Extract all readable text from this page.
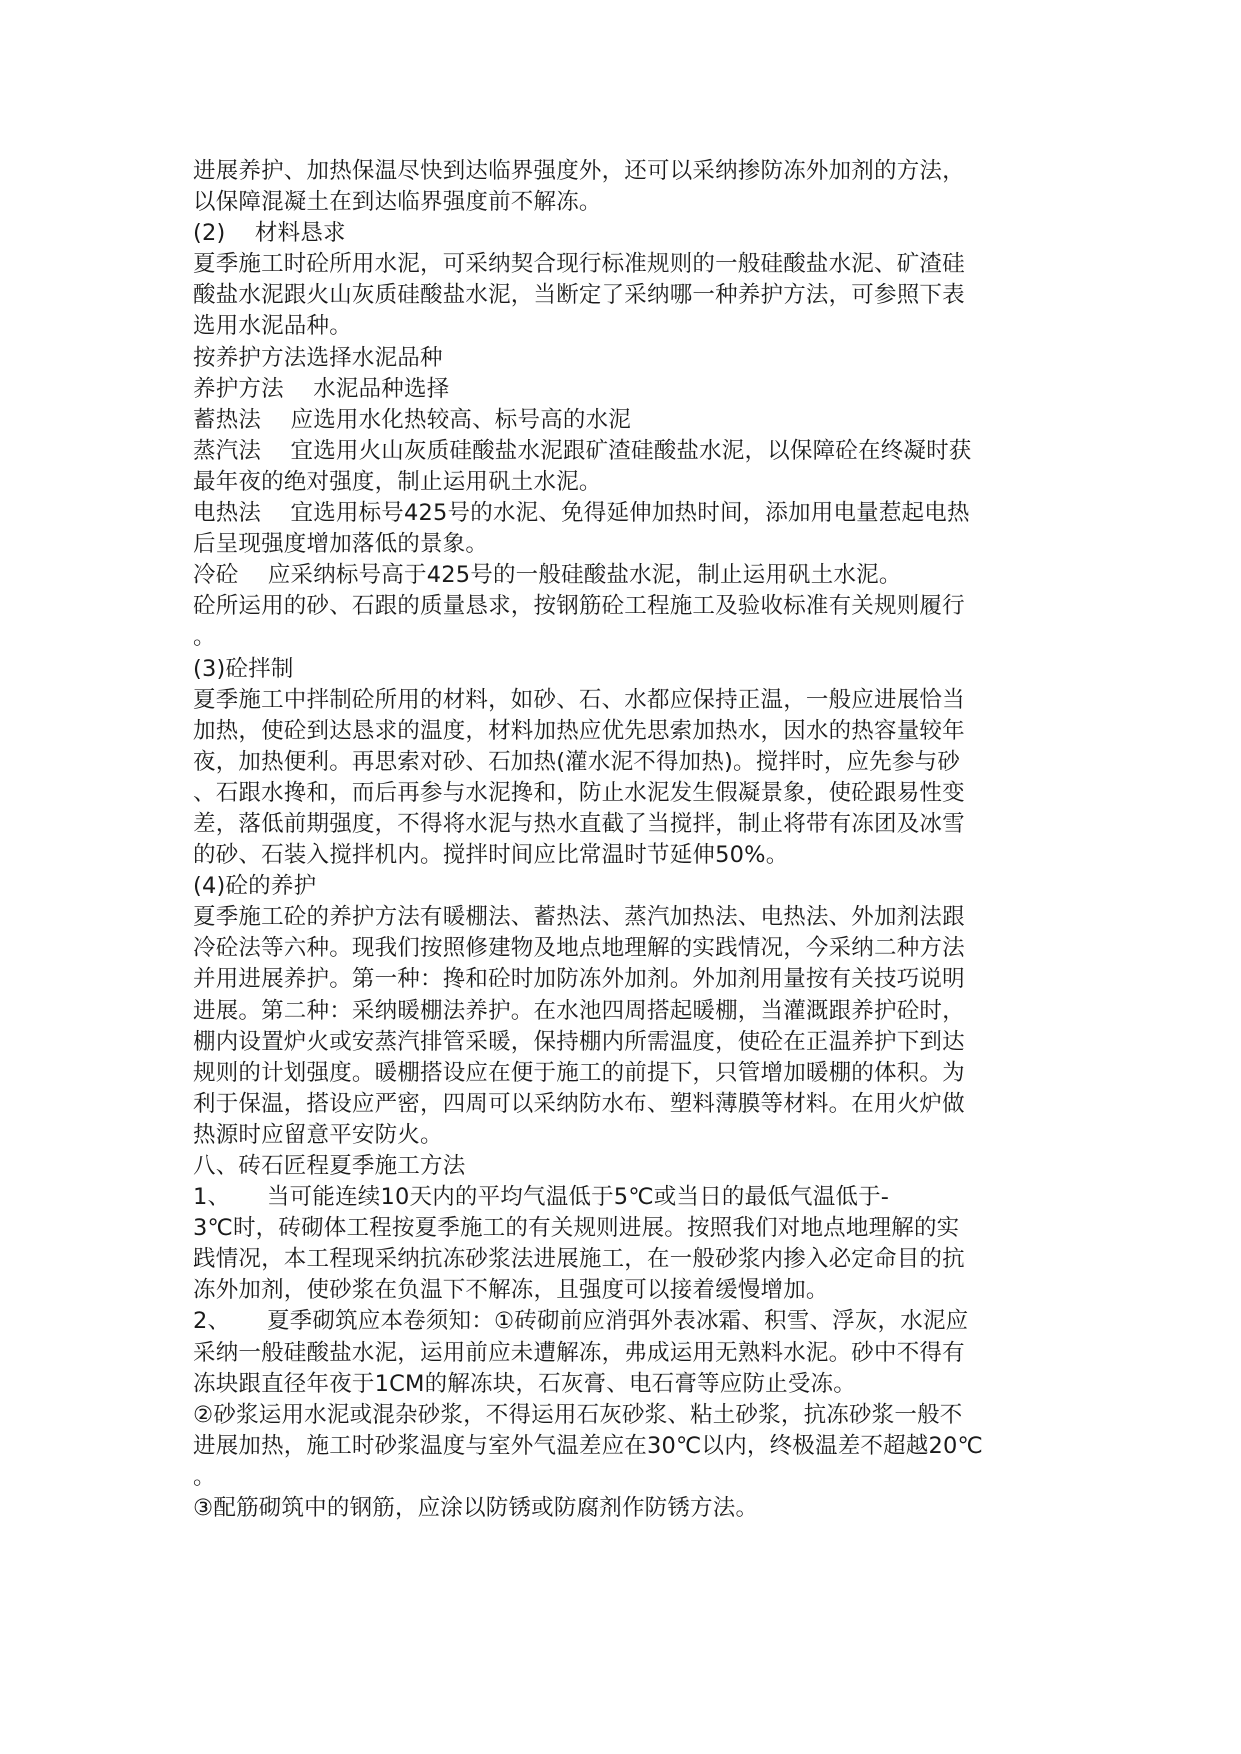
进展养护、加热保温尽快到达临界强度外，还可以采纳掺防冻外加剂的方法，
以保障混凝土在到达临界强度前不解冻。
(2)    材料恳求
夏季施工时砼所用水泥，可采纳契合现行标准规则的一般硅酸盐水泥、矿渣硅
酸盐水泥跟火山灰质硅酸盐水泥，当断定了采纳哪一种养护方法，可参照下表
选用水泥品种。
按养护方法选择水泥品种
养护方法    水泥品种选择
蓄热法    应选用水化热较高、标号高的水泥
蒸汽法    宜选用火山灰质硅酸盐水泥跟矿渣硅酸盐水泥，以保障砼在终凝时获
最年夜的绝对强度，制止运用矾土水泥。
电热法    宜选用标号425号的水泥、免得延伸加热时间，添加用电量惹起电热
后呈现强度增加落低的景象。
冷砼    应采纳标号高于425号的一般硅酸盐水泥，制止运用矾土水泥。
砼所运用的砂、石跟的质量恳求，按钢筋砼工程施工及验收标准有关规则履行
。
(3)砼拌制
夏季施工中拌制砼所用的材料，如砂、石、水都应保持正温，一般应进展恰当
加热，使砼到达恳求的温度，材料加热应优先思索加热水，因水的热容量较年
夜，加热便利。再思索对砂、石加热(灌水泥不得加热)。搅拌时，应先参与砂
、石跟水搀和，而后再参与水泥搀和，防止水泥发生假凝景象，使砼跟易性变
差，落低前期强度，不得将水泥与热水直截了当搅拌，制止将带有冻团及冰雪
的砂、石装入搅拌机内。搅拌时间应比常温时节延伸50%。
(4)砼的养护
夏季施工砼的养护方法有暖棚法、蓄热法、蒸汽加热法、电热法、外加剂法跟
冷砼法等六种。现我们按照修建物及地点地理解的实践情况，今采纳二种方法
并用进展养护。第一种：搀和砼时加防冻外加剂。外加剂用量按有关技巧说明
进展。第二种：采纳暖棚法养护。在水池四周搭起暖棚，当灌溉跟养护砼时，
棚内设置炉火或安蒸汽排管采暖，保持棚内所需温度，使砼在正温养护下到达
规则的计划强度。暖棚搭设应在便于施工的前提下，只管增加暖棚的体积。为
利于保温，搭设应严密，四周可以采纳防水布、塑料薄膜等材料。在用火炉做
热源时应留意平安防火。
八、砖石匠程夏季施工方法
1、     当可能连续10天内的平均气温低于5℃或当日的最低气温低于-
3℃时，砖砌体工程按夏季施工的有关规则进展。按照我们对地点地理解的实
践情况，本工程现采纳抗冻砂浆法进展施工，在一般砂浆内掺入必定命目的抗
冻外加剂，使砂浆在负温下不解冻，且强度可以接着缓慢增加。
2、     夏季砌筑应本卷须知：①砖砌前应消弭外表冰霜、积雪、浮灰，水泥应
采纳一般硅酸盐水泥，运用前应未遭解冻，弗成运用无熟料水泥。砂中不得有
冻块跟直径年夜于1CM的解冻块，石灰膏、电石膏等应防止受冻。
②砂浆运用水泥或混杂砂浆，不得运用石灰砂浆、粘土砂浆，抗冻砂浆一般不
进展加热，施工时砂浆温度与室外气温差应在30℃以内，终极温差不超越20℃
。
③配筋砌筑中的钢筋，应涂以防锈或防腐剂作防锈方法。
